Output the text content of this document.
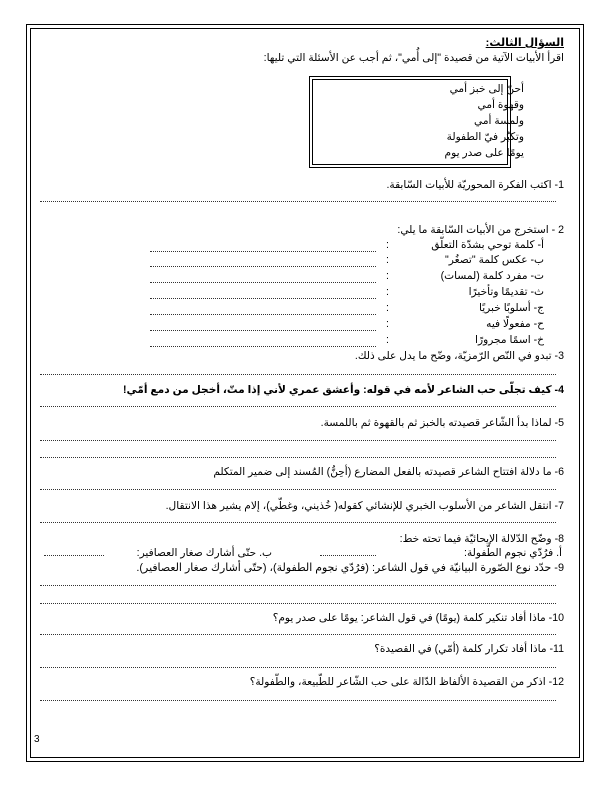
السؤال الثالث:
اقرأ الأبيات الآتية من قصيدة "إلى أُمي"، ثم أجب عن الأسئلة التي تليها:
أحنّ إلى خبز أمي
وقهوة أمي
ولمسة أمي
وتكبُر فيّ الطفولة
يومًا على صدر يوم
1- اكتب الفكرة المحوريّة للأبيات السّابقة.
2 - استخرج من الأبيات السّابقة ما يلي:
أ- كلمة توحي بشدّة التعلّق
:
ب- عكس كلمة "تصغُر"
:
ت- مفرد كلمة (لمسات)
:
ث- تقديمًا وتأخيرًا
:
ج- أسلوبًا خبريًا
:
ح- مفعولًا فيه
:
خ- اسمًا مجرورًا
:
3- تبدو في النّص الرّمزيّة، وضّح ما يدل على ذلك.
4- كيف تجلّى حب الشاعر لأمه في قوله: وأعشق عمري لأني إذا متّ، أخجل من دمع أمّي!
5- لماذا بدأ الشّاعر قصيدته بالخبز ثم بالقهوة ثم باللمسة.
6- ما دلالة افتتاح الشاعر قصيدته بالفعل المضارع (أحِنُّ) المُسند إلى ضمير المتكلم
7- انتقل الشاعر من الأسلوب الخبري للإنشائي كقوله( خُذيني، وغطّي)، إلام يشير هذا الانتقال.
8- وضّح الدّلالة الإيحائيّة فيما تحته خط:
أ. فرُدّي نجوم الطّفولة:
ب. حتّى أشارك صغار العصافير:
9- حدّد نوع الصّورة البيانيّة في قول الشاعر: (فرُدّي نجوم الطفولة)، (حتّى أشارك صغار العصافير).
10- ماذا أفاد تنكير كلمة (يومًا) في قول الشاعر: يومًا على صدر يوم؟
11- ماذا أفاد تكرار كلمة (أمّي) في القصيدة؟
12- اذكر من القصيدة الألفاظ الدّالة على حب الشّاعر للطّبيعة، والطّفولة؟
3
